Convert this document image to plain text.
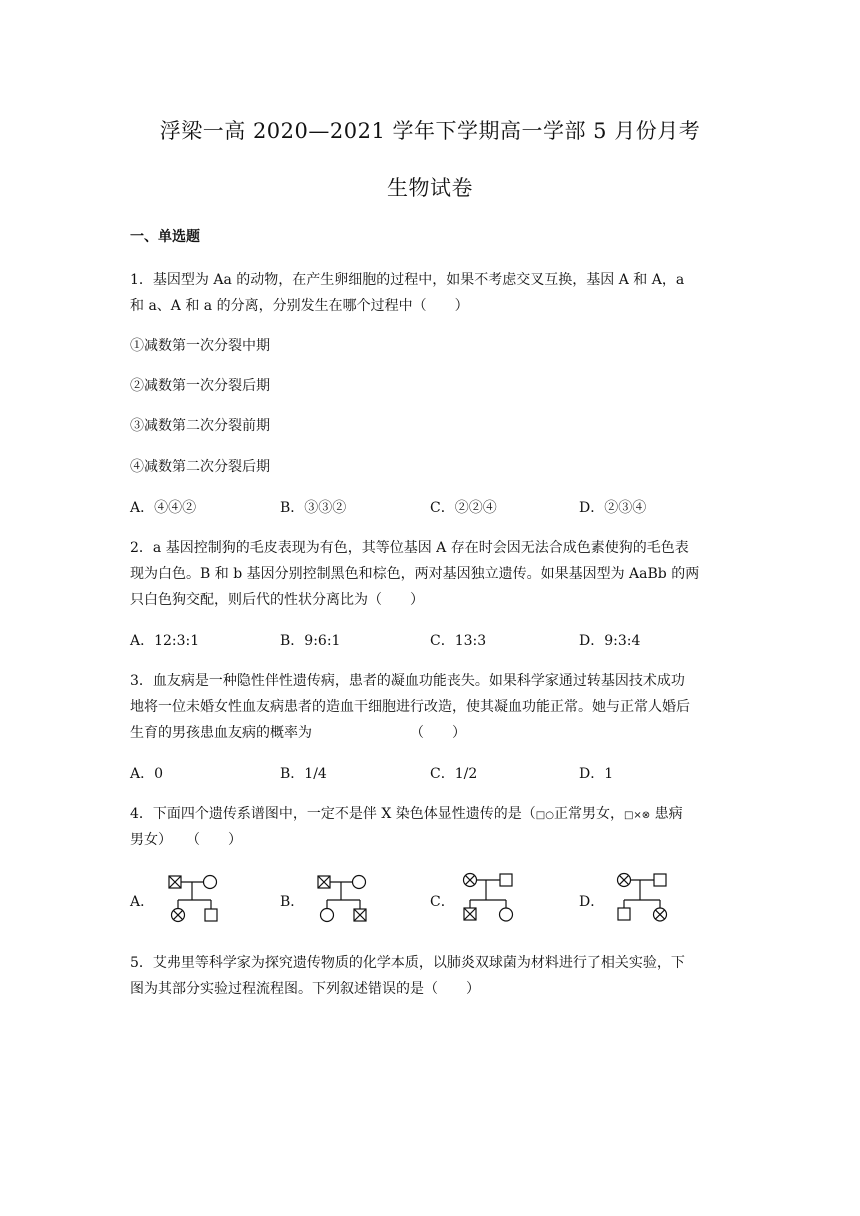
浮梁一高 2020—2021 学年下学期高一学部 5 月份月考
生物试卷
一、单选题
1．基因型为 Aa 的动物，在产生卵细胞的过程中，如果不考虑交叉互换，基因 A 和 A，a
和 a、A 和 a 的分离，分别发生在哪个过程中（　　）
①减数第一次分裂中期
②减数第一次分裂后期
③减数第二次分裂前期
④减数第二次分裂后期
A．④④②	B．③③②	C．②②④	D．②③④
2．a 基因控制狗的毛皮表现为有色，其等位基因 A 存在时会因无法合成色素使狗的毛色表
现为白色。B 和 b 基因分别控制黑色和棕色，两对基因独立遗传。如果基因型为 AaBb 的两
只白色狗交配，则后代的性状分离比为（　　）
A．12:3:1	B．9:6:1	C．13:3	D．9:3:4
3．血友病是一种隐性伴性遗传病，患者的凝血功能丧失。如果科学家通过转基因技术成功
地将一位未婚女性血友病患者的造血干细胞进行改造，使其凝血功能正常。她与正常人婚后
生育的男孩患血友病的概率为	（　　）
A．0	B．1/4	C．1/2	D．1
4．下面四个遗传系谱图中，一定不是伴 X 染色体显性遗传的是（□○正常男女，□×⊗ 患病
男女）　　（　　）
A．	B．	C．	D．
5．艾弗里等科学家为探究遗传物质的化学本质，以肺炎双球菌为材料进行了相关实验，下
图为其部分实验过程流程图。下列叙述错误的是（　　）
